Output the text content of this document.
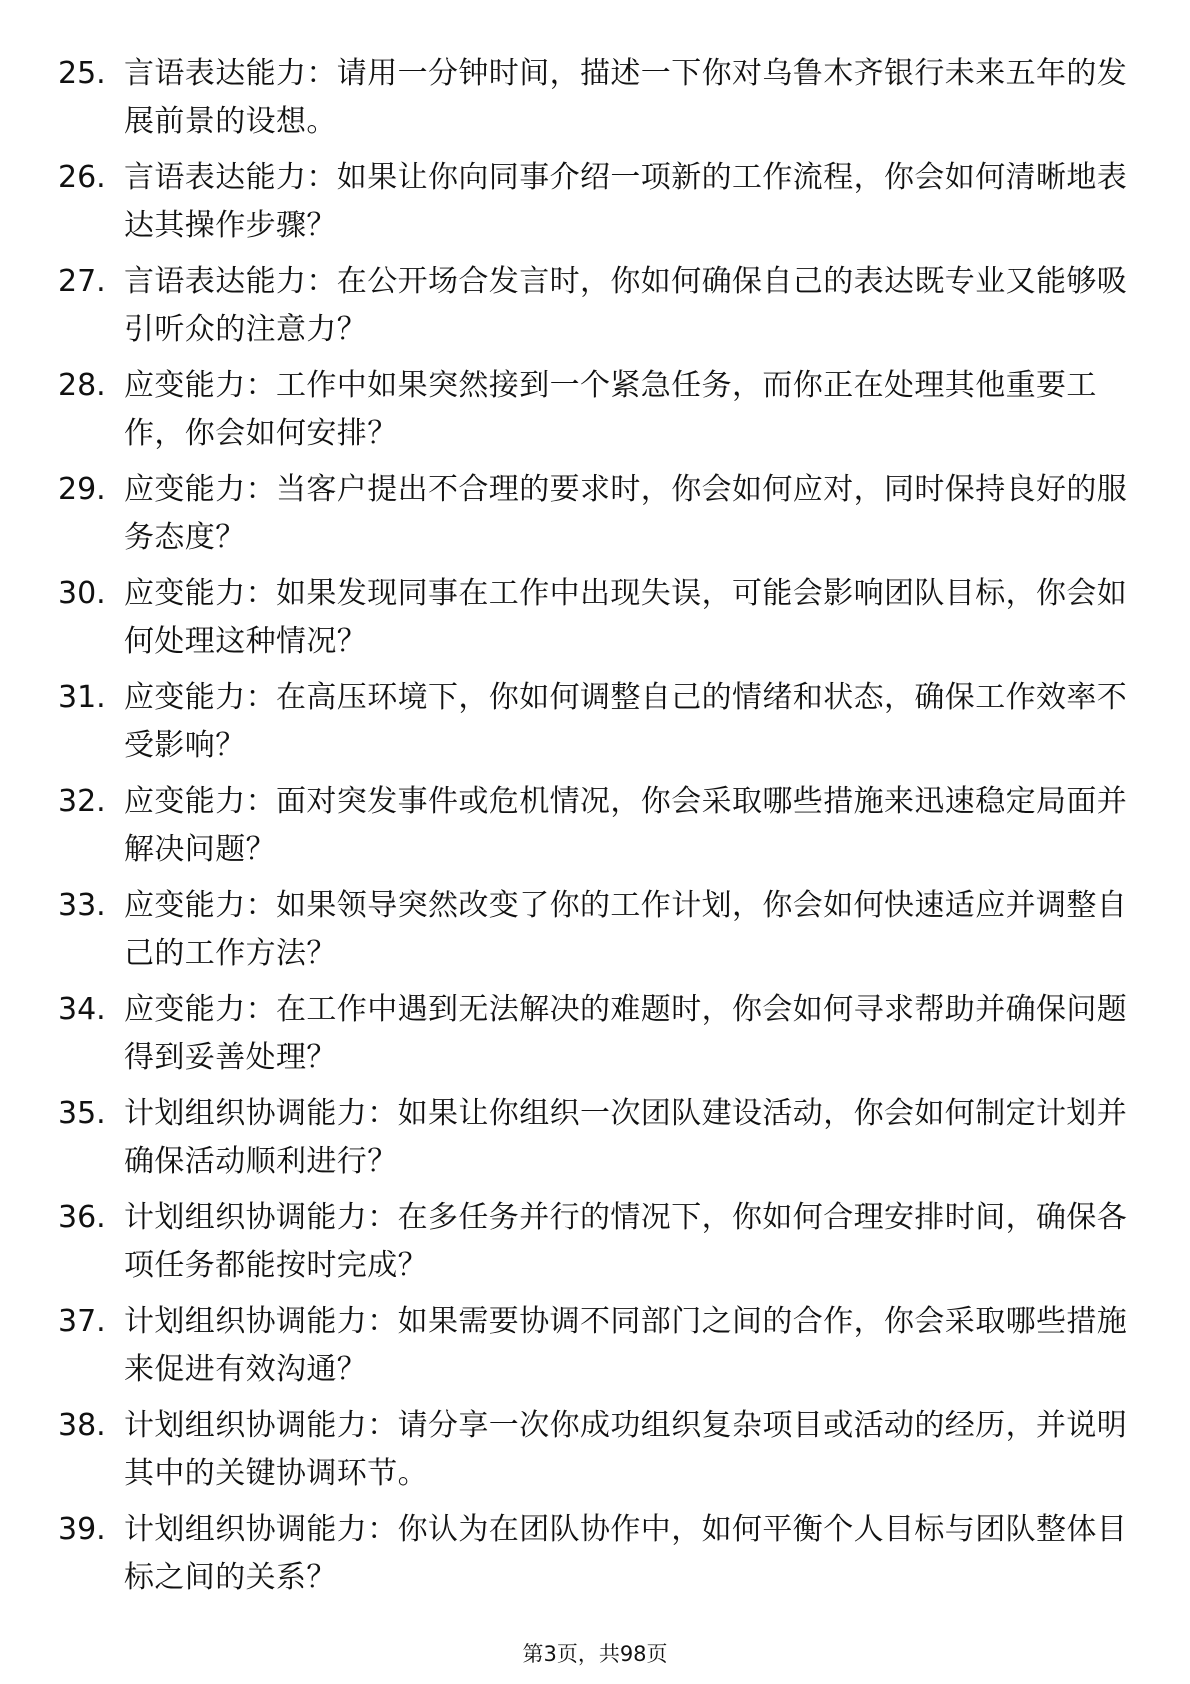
25. 言语表达能力：请用一分钟时间，描述一下你对乌鲁木齐银行未来五年的发展前景的设想。
26. 言语表达能力：如果让你向同事介绍一项新的工作流程，你会如何清晰地表达其操作步骤？
27. 言语表达能力：在公开场合发言时，你如何确保自己的表达既专业又能够吸引听众的注意力？
28. 应变能力：工作中如果突然接到一个紧急任务，而你正在处理其他重要工作，你会如何安排？
29. 应变能力：当客户提出不合理的要求时，你会如何应对，同时保持良好的服务态度？
30. 应变能力：如果发现同事在工作中出现失误，可能会影响团队目标，你会如何处理这种情况？
31. 应变能力：在高压环境下，你如何调整自己的情绪和状态，确保工作效率不受影响？
32. 应变能力：面对突发事件或危机情况，你会采取哪些措施来迅速稳定局面并解决问题？
33. 应变能力：如果领导突然改变了你的工作计划，你会如何快速适应并调整自己的工作方法？
34. 应变能力：在工作中遇到无法解决的难题时，你会如何寻求帮助并确保问题得到妥善处理？
35. 计划组织协调能力：如果让你组织一次团队建设活动，你会如何制定计划并确保活动顺利进行？
36. 计划组织协调能力：在多任务并行的情况下，你如何合理安排时间，确保各项任务都能按时完成？
37. 计划组织协调能力：如果需要协调不同部门之间的合作，你会采取哪些措施来促进有效沟通？
38. 计划组织协调能力：请分享一次你成功组织复杂项目或活动的经历，并说明其中的关键协调环节。
39. 计划组织协调能力：你认为在团队协作中，如何平衡个人目标与团队整体目标之间的关系？
第3页，共98页
